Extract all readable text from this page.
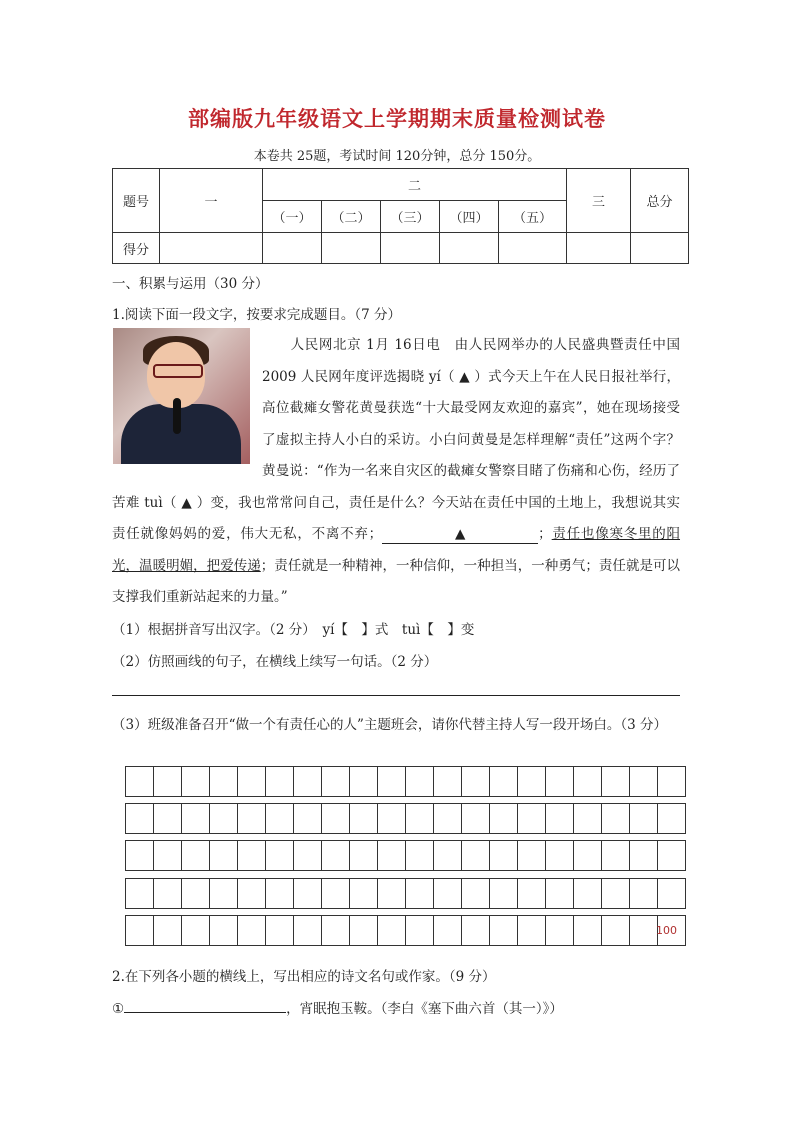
部编版九年级语文上学期期末质量检测试卷
本卷共 25题，考试时间 120分钟，总分 150分。
题号	一	二					三	总分
		（一）	（二）	（三）	（四）	（五）		
得分								
一、积累与运用（30 分）
1.阅读下面一段文字，按要求完成题目。（7 分）
人民网北京 1月 16日电　由人民网举办的人民盛典暨责任中国 2009 人民网年度评选揭晓 yí（ ▲ ）式今天上午在人民日报社举行，高位截瘫女警花黄曼获选“十大最受网友欢迎的嘉宾”，她在现场接受了虚拟主持人小白的采访。小白问黄曼是怎样理解“责任”这两个字？黄曼说：“作为一名来自灾区的截瘫女警察目睹了伤痛和心伤，经历了苦难 tuì（ ▲ ）变，我也常常问自己，责任是什么？今天站在责任中国的土地上，我想说其实责任就像妈妈的爱，伟大无私，不离不弃；	▲	；责任也像寒冬里的阳光，温暖明媚，把爱传递；责任就是一种精神，一种信仰，一种担当，一种勇气；责任就是可以支撑我们重新站起来的力量。”
（1）根据拼音写出汉字。（2 分）　yí【　】式　tuì【　】变
（2）仿照画线的句子，在横线上续写一句话。（2 分）
（3）班级准备召开“做一个有责任心的人”主题班会，请你代替主持人写一段开场白。（3 分）
100
2.在下列各小题的横线上，写出相应的诗文名句或作家。（9 分）
①	，宵眠抱玉鞍。（李白《塞下曲六首（其一）》）
